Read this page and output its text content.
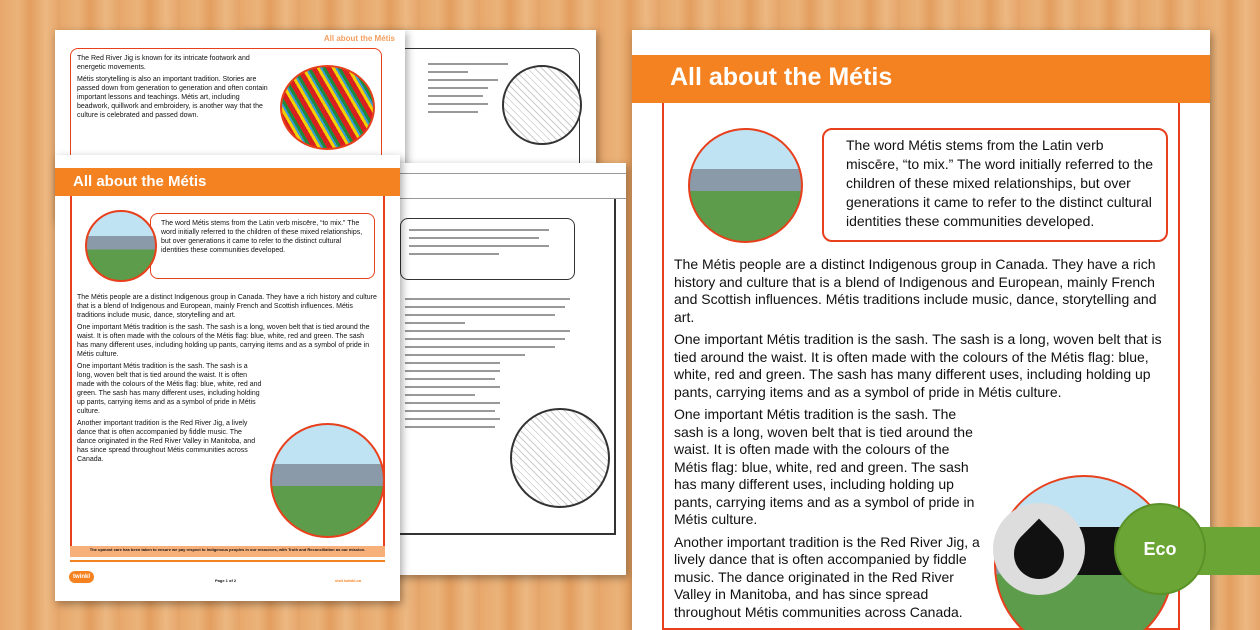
All about the Métis

The Red River Jig is known for its intricate footwork and energetic movements.

Métis storytelling is also an important tradition. Stories are passed down from generation to generation and often contain important lessons and teachings. Métis art, including beadwork, quillwork and embroidery, is another way that the culture is celebrated and passed down.

All about the Métis

The word Métis stems from the Latin verb miscēre, “to mix.” The word initially referred to the children of these mixed relationships, but over generations it came to refer to the distinct cultural identities these communities developed.

The Métis people are a distinct Indigenous group in Canada. They have a rich history and culture that is a blend of Indigenous and European, mainly French and Scottish influences. Métis traditions include music, dance, storytelling and art.

One important Métis tradition is the sash. The sash is a long, woven belt that is tied around the waist. It is often made with the colours of the Métis flag: blue, white, red and green. The sash has many different uses, including holding up pants, carrying items and as a symbol of pride in Métis culture.

One important Métis tradition is the sash. The sash is a long, woven belt that is tied around the waist. It is often made with the colours of the Métis flag: blue, white, red and green. The sash has many different uses, including holding up pants, carrying items and as a symbol of pride in Métis culture.

Another important tradition is the Red River Jig, a lively dance that is often accompanied by fiddle music. The dance originated in the Red River Valley in Manitoba, and has since spread throughout Métis communities across Canada.

The upmost care has been taken to ensure we pay respect to Indigenous peoples in our resources, with Truth and Reconciliation as our mission.
twinkl
Page 1 of 2	visit twinkl.ca
All about the Métis

The word Métis stems from the Latin verb miscēre, “to mix.” The word initially referred to the children of these mixed relationships, but over generations it came to refer to the distinct cultural identities these communities developed.

The Métis people are a distinct Indigenous group in Canada. They have a rich history and culture that is a blend of Indigenous and European, mainly French and Scottish influences. Métis traditions include music, dance, storytelling and art.

One important Métis tradition is the sash. The sash is a long, woven belt that is tied around the waist. It is often made with the colours of the Métis flag: blue, white, red and green. The sash has many different uses, including holding up pants, carrying items and as a symbol of pride in Métis culture.

One important Métis tradition is the sash. The sash is a long, woven belt that is tied around the waist. It is often made with the colours of the Métis flag: blue, white, red and green. The sash has many different uses, including holding up pants, carrying items and as a symbol of pride in Métis culture.

Another important tradition is the Red River Jig, a lively dance that is often accompanied by fiddle music. The dance originated in the Red River Valley in Manitoba, and has since spread throughout Métis communities across Canada.

Eco
